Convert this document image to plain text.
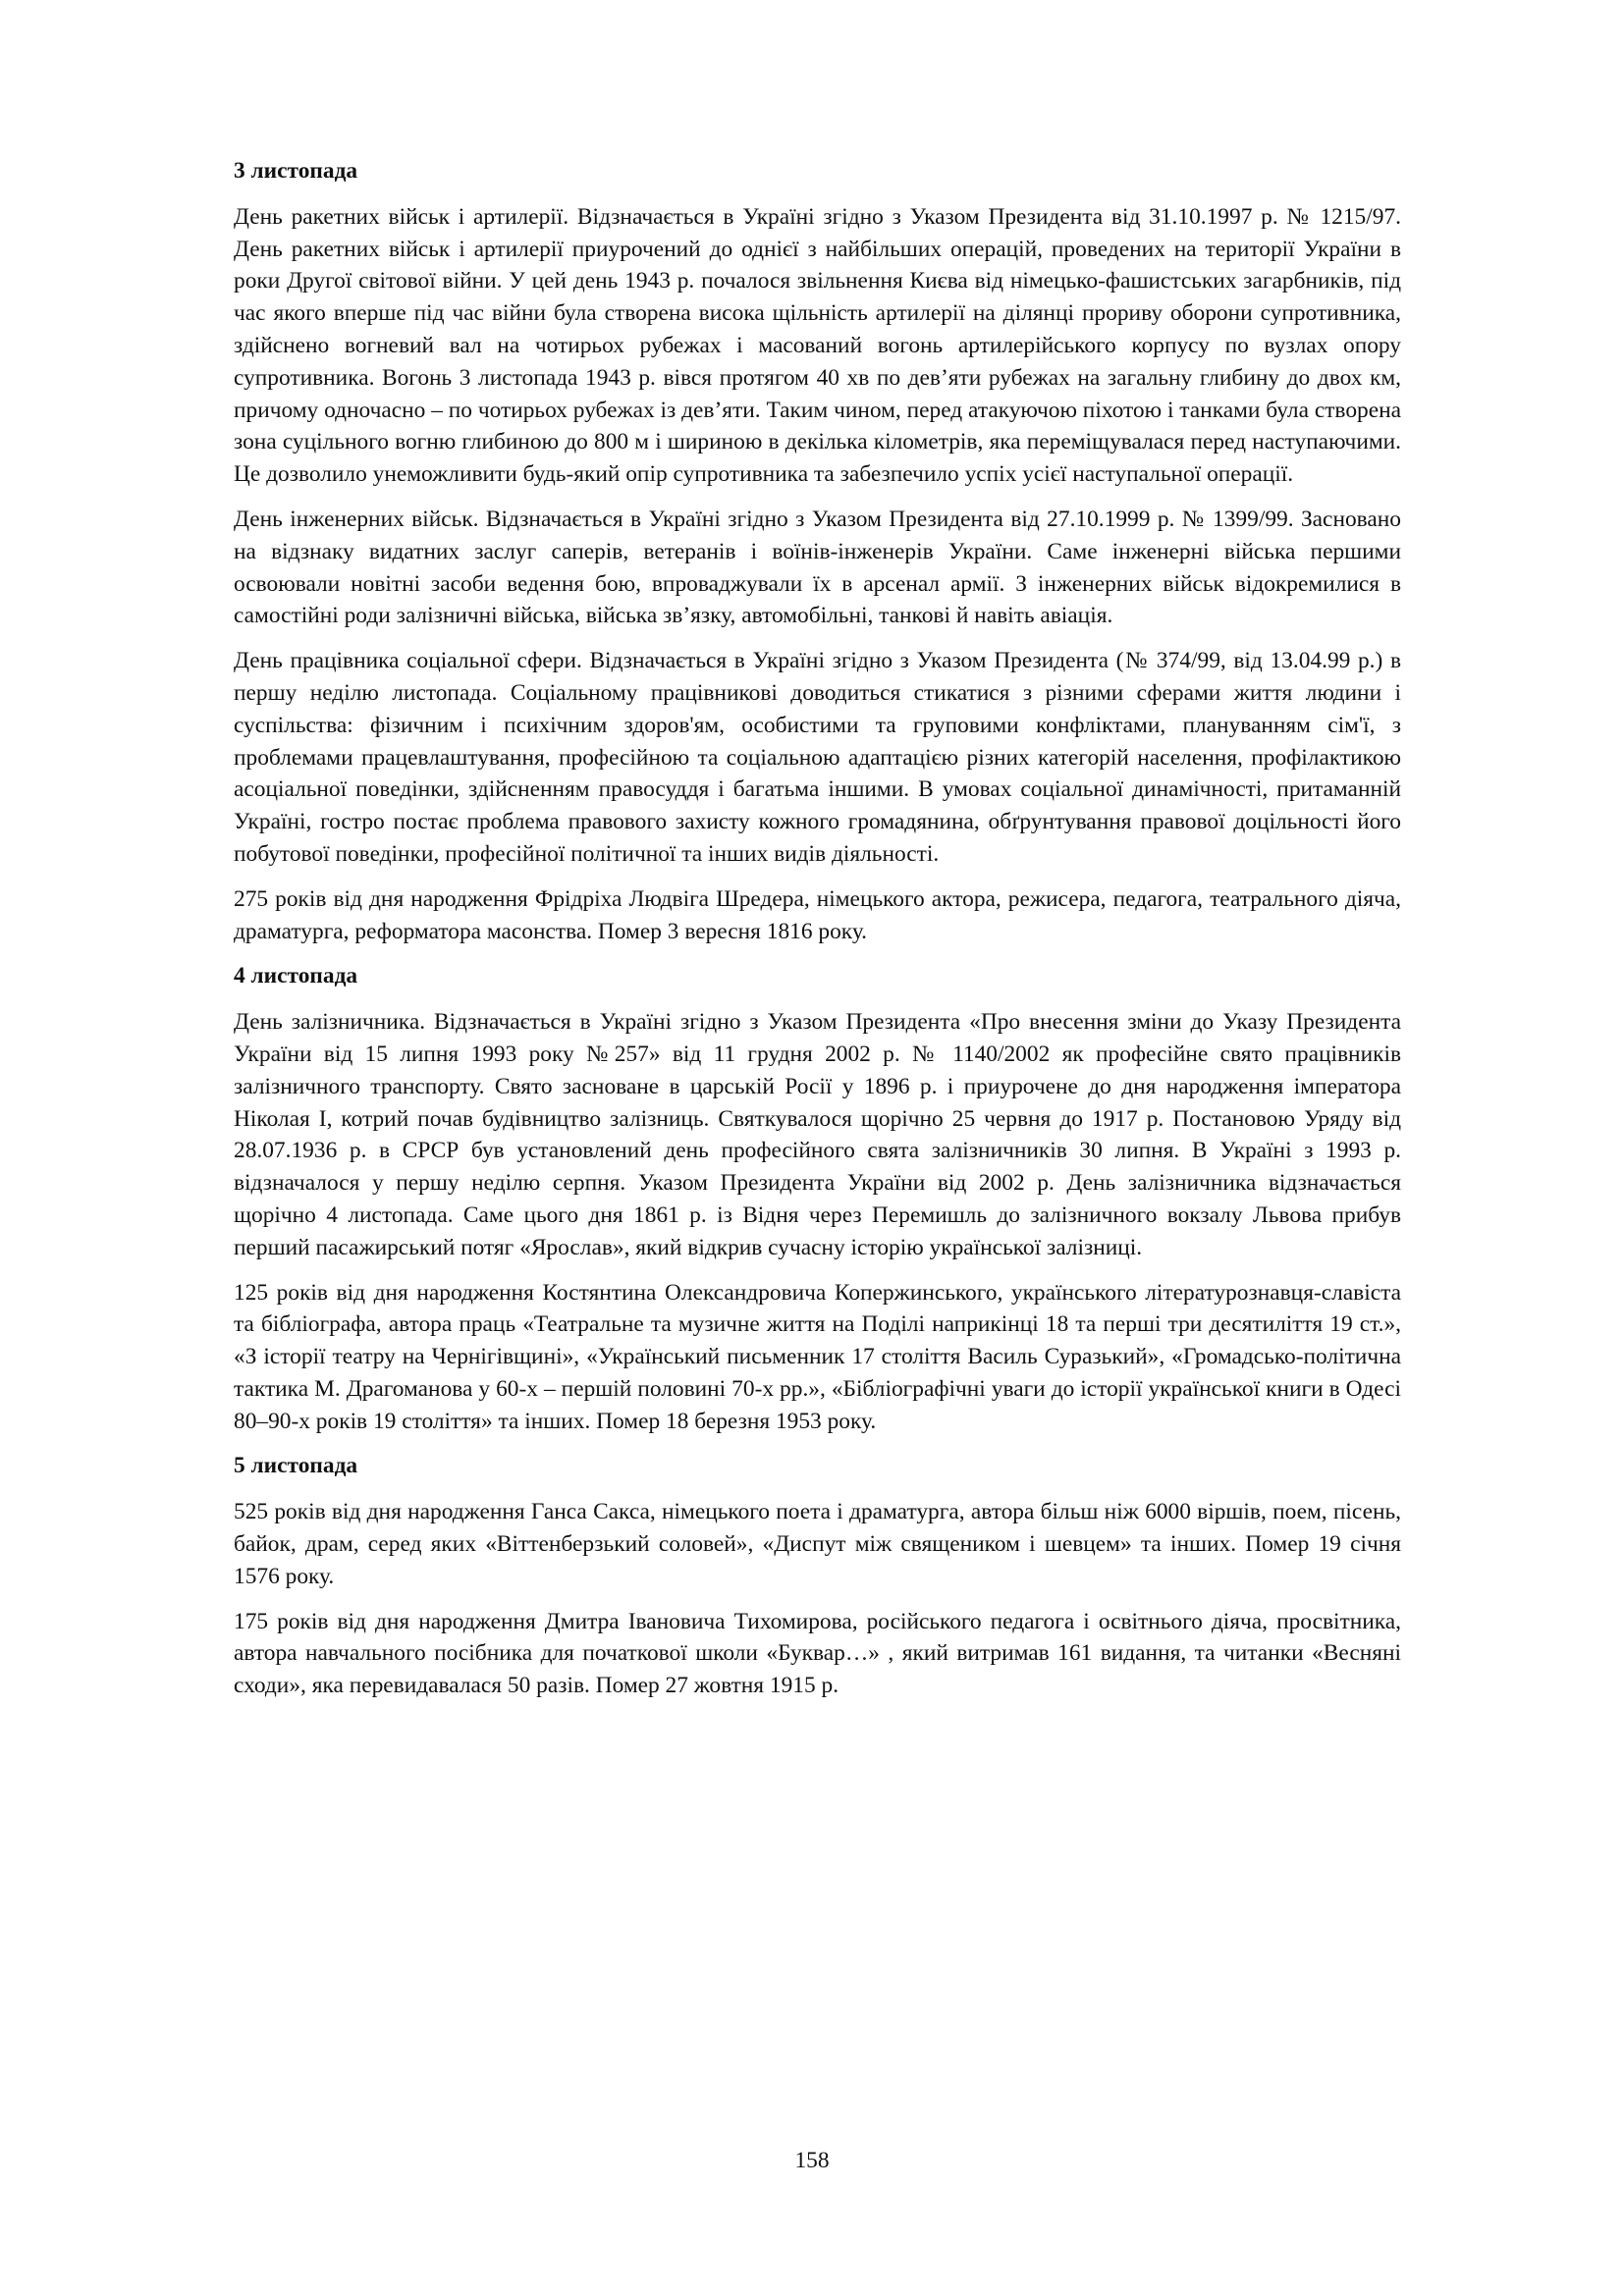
3 листопада

День ракетних військ і артилерії. Відзначається в Україні згідно з Указом Президента від 31.10.1997 р. № 1215/97. День ракетних військ і артилерії приурочений до однієї з найбільших операцій, проведених на території України в роки Другої світової війни. У цей день 1943 р. почалося звільнення Києва від німецько-фашистських загарбників, під час якого вперше під час війни була створена висока щільність артилерії на ділянці прориву оборони супротивника, здійснено вогневий вал на чотирьох рубежах і масований вогонь артилерійського корпусу по вузлах опору супротивника. Вогонь 3 листопада 1943 р. вівся протягом 40 хв по дев’яти рубежах на загальну глибину до двох км, причому одночасно – по чотирьох рубежах із дев’яти. Таким чином, перед атакуючою піхотою і танками була створена зона суцільного вогню глибиною до 800 м і шириною в декілька кілометрів, яка переміщувалася перед наступаючими. Це дозволило унеможливити будь-який опір супротивника та забезпечило успіх усієї наступальної операції.

День інженерних військ. Відзначається в Україні згідно з Указом Президента від 27.10.1999 р. № 1399/99. Засновано на відзнаку видатних заслуг саперів, ветеранів і воїнів-інженерів України. Саме інженерні війська першими освоювали новітні засоби ведення бою, впроваджували їх в арсенал армії. З інженерних військ відокремилися в самостійні роди залізничні війська, війська зв’язку, автомобільні, танкові й навіть авіація.

День працівника соціальної сфери. Відзначається в Україні згідно з Указом Президента (№ 374/99, від 13.04.99 р.) в першу неділю листопада. Соціальному працівникові доводиться стикатися з різними сферами життя людини і суспільства: фізичним і психічним здоров'ям, особистими та груповими конфліктами, плануванням сім'ї, з проблемами працевлаштування, професійною та соціальною адаптацією різних категорій населення, профілактикою асоціальної поведінки, здійсненням правосуддя і багатьма іншими. В умовах соціальної динамічності, притаманній Україні, гостро постає проблема правового захисту кожного громадянина, обґрунтування правової доцільності його побутової поведінки, професійної політичної та інших видів діяльності.

275 років від дня народження Фрідріха Людвіга Шредера, німецького актора, режисера, педагога, театрального діяча, драматурга, реформатора масонства. Помер 3 вересня 1816 року.

4 листопада

День залізничника. Відзначається в Україні згідно з Указом Президента «Про внесення зміни до Указу Президента України від 15 липня 1993 року №257» від 11 грудня 2002 р. № 1140/2002 як професійне свято працівників залізничного транспорту. Свято засноване в царській Росії у 1896 р. і приурочене до дня народження імператора Ніколая I, котрий почав будівництво залізниць. Святкувалося щорічно 25 червня до 1917 р. Постановою Уряду від 28.07.1936 р. в СРСР був установлений день професійного свята залізничників 30 липня. В Україні з 1993 р. відзначалося у першу неділю серпня. Указом Президента України від 2002 р. День залізничника відзначається щорічно 4 листопада. Саме цього дня 1861 р. із Відня через Перемишль до залізничного вокзалу Львова прибув перший пасажирський потяг «Ярослав», який відкрив сучасну історію української залізниці.

125 років від дня народження Костянтина Олександровича Копержинського, українського літературознавця-славіста та бібліографа, автора праць «Театральне та музичне життя на Поділі наприкінці 18 та перші три десятиліття 19 ст.», «З історії театру на Чернігівщині», «Український письменник 17 століття Василь Суразький», «Громадсько-політична тактика М. Драгоманова у 60-х – першій половині 70-х рр.», «Бібліографічні уваги до історії української книги в Одесі 80–90-х років 19 століття» та інших. Помер 18 березня 1953 року.

5 листопада

525 років від дня народження Ганса Сакса, німецького поета і драматурга, автора більш ніж 6000 віршів, поем, пісень, байок, драм, серед яких «Віттенберзький соловей», «Диспут між священиком і шевцем» та інших. Помер 19 січня 1576 року.

175 років від дня народження Дмитра Івановича Тихомирова, російського педагога і освітнього діяча, просвітника, автора навчального посібника для початкової школи «Буквар…» , який витримав 161 видання, та читанки «Весняні сходи», яка перевидавалася 50 разів. Помер 27 жовтня 1915 р.

158
